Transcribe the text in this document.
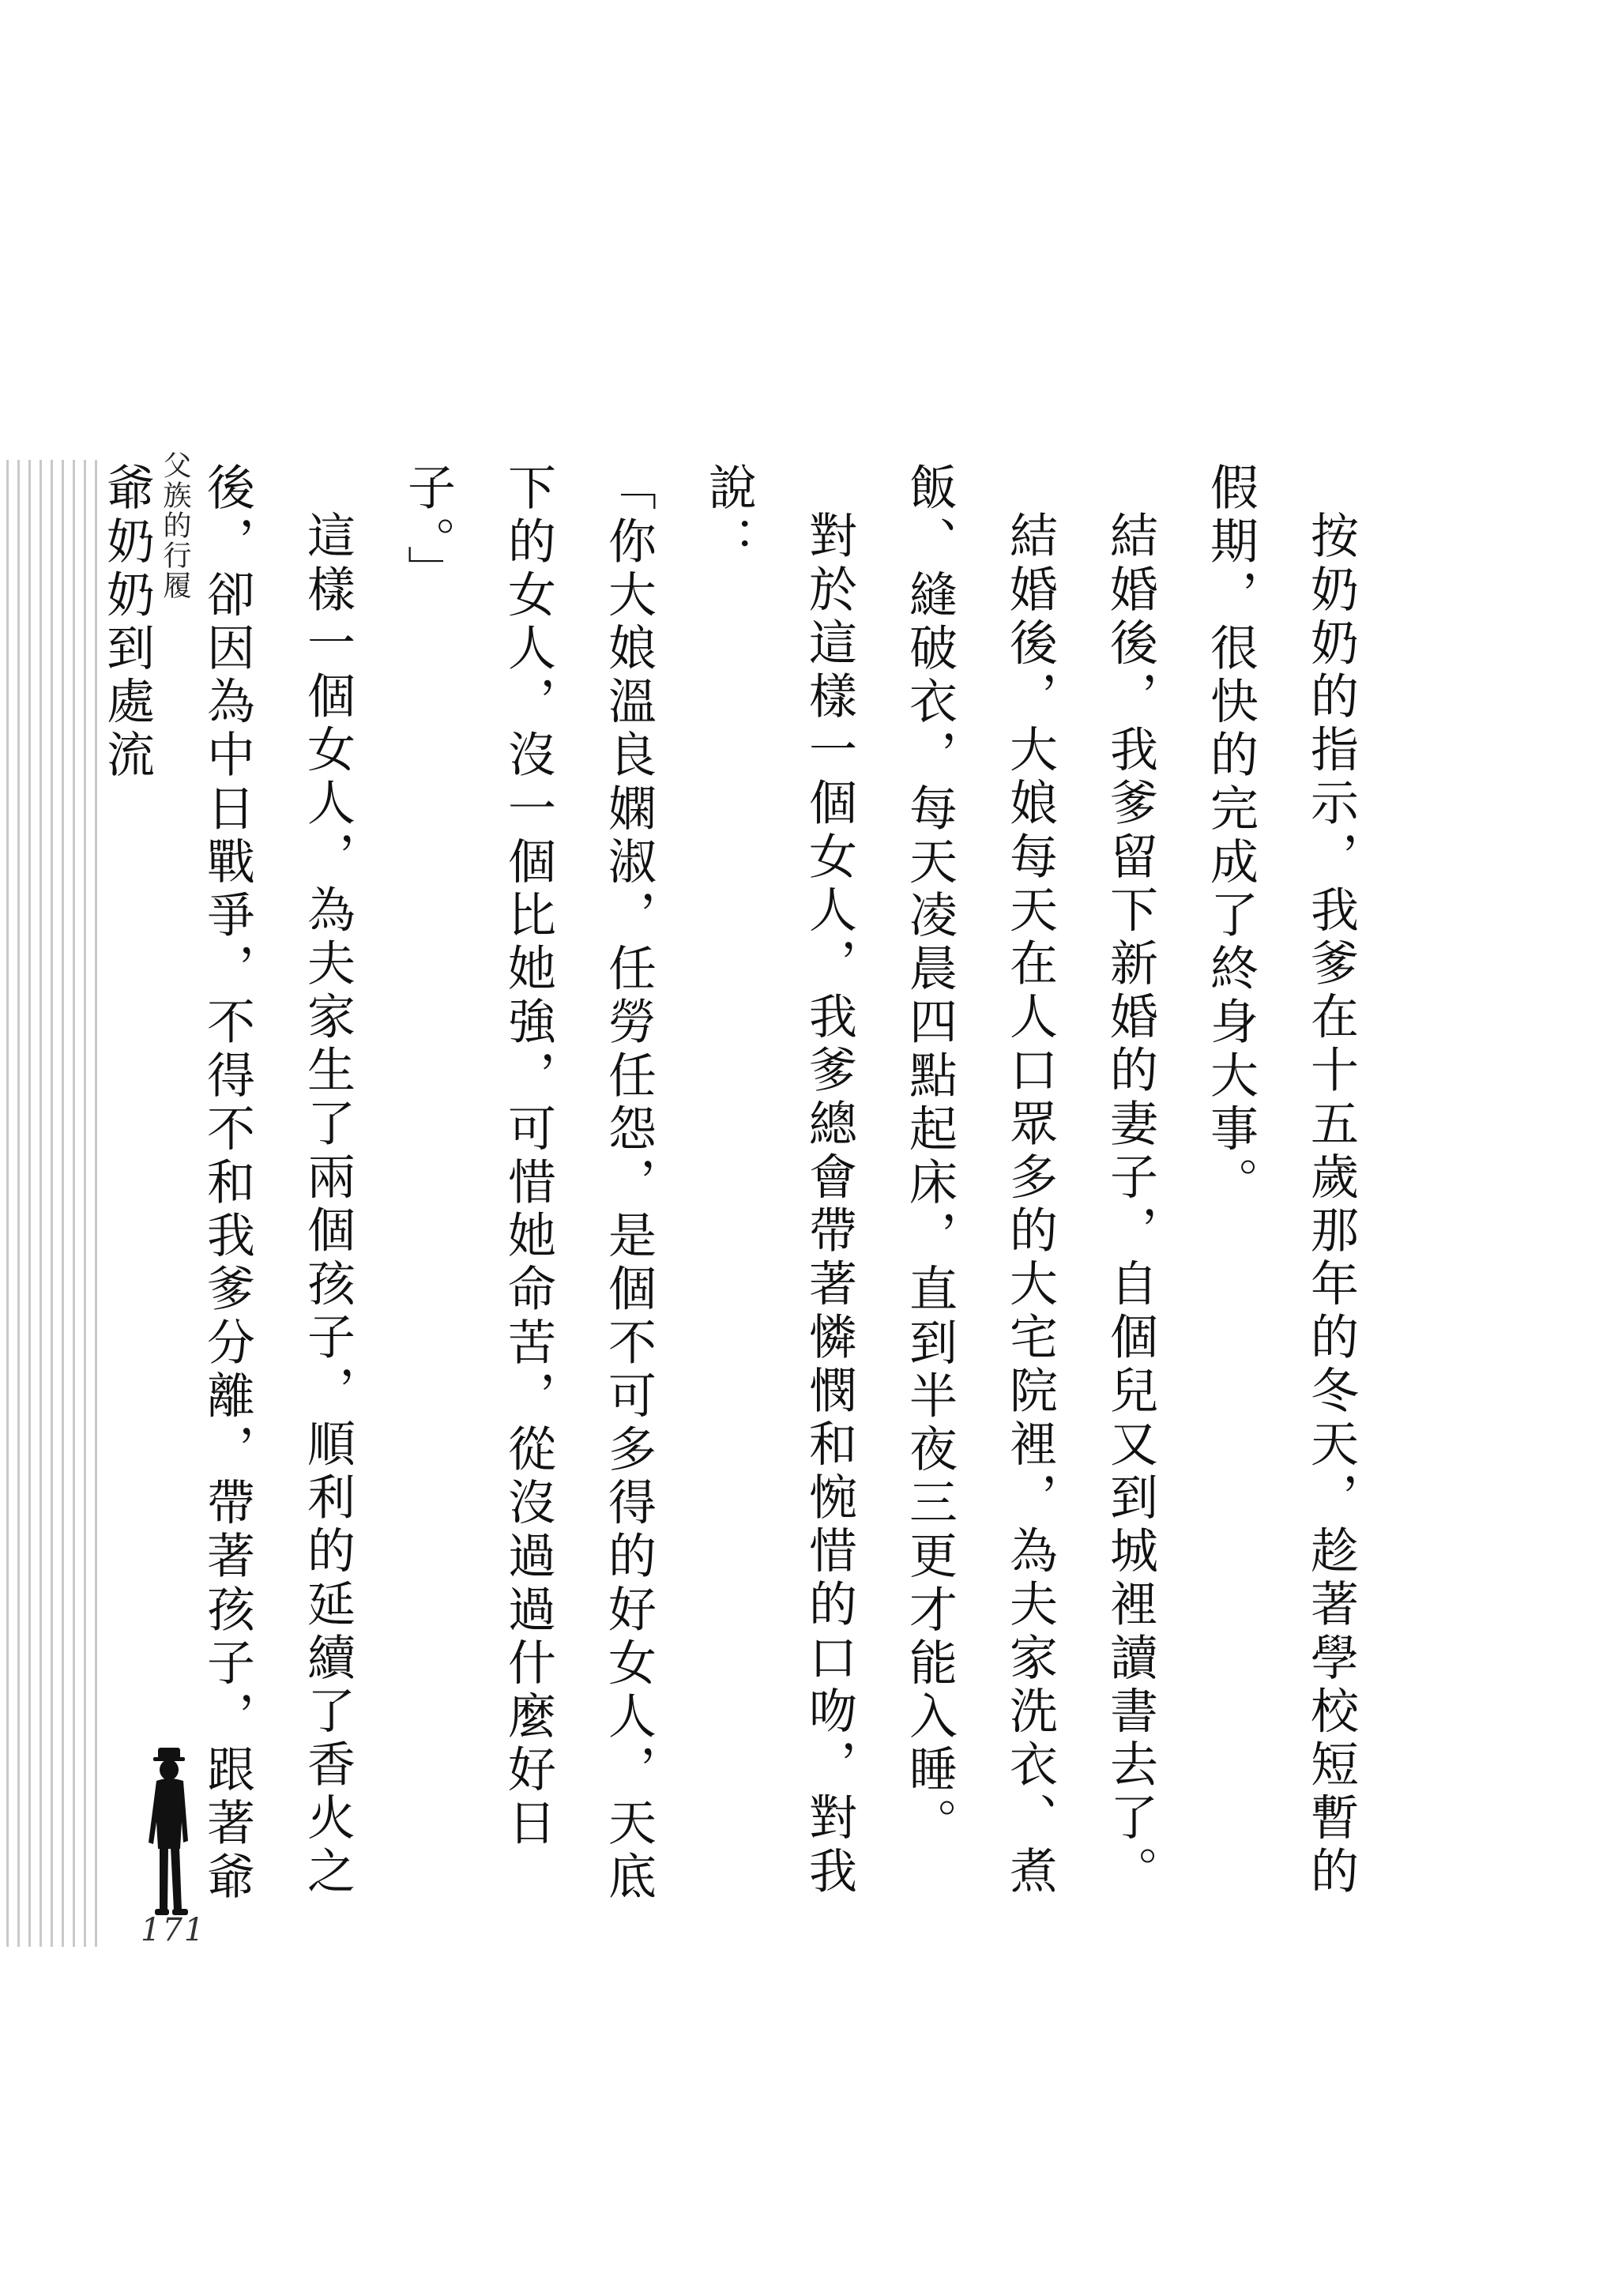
父族的行履
171

按奶奶的指示，我爹在十五歲那年的冬天，趁著學校短暫的假期，很快的完成了終身大事。

結婚後，我爹留下新婚的妻子，自個兒又到城裡讀書去了。

結婚後，大娘每天在人口眾多的大宅院裡，為夫家洗衣、煮飯、縫破衣，每天凌晨四點起床，直到半夜三更才能入睡。

對於這樣一個女人，我爹總會帶著憐憫和惋惜的口吻，對我說：

「你大娘溫良嫻淑，任勞任怨，是個不可多得的好女人，天底下的女人，沒一個比她強，可惜她命苦，從沒過過什麼好日子。」

這樣一個女人，為夫家生了兩個孩子，順利的延續了香火之後，卻因為中日戰爭，不得不和我爹分離，帶著孩子，跟著爺爺奶奶到處流
